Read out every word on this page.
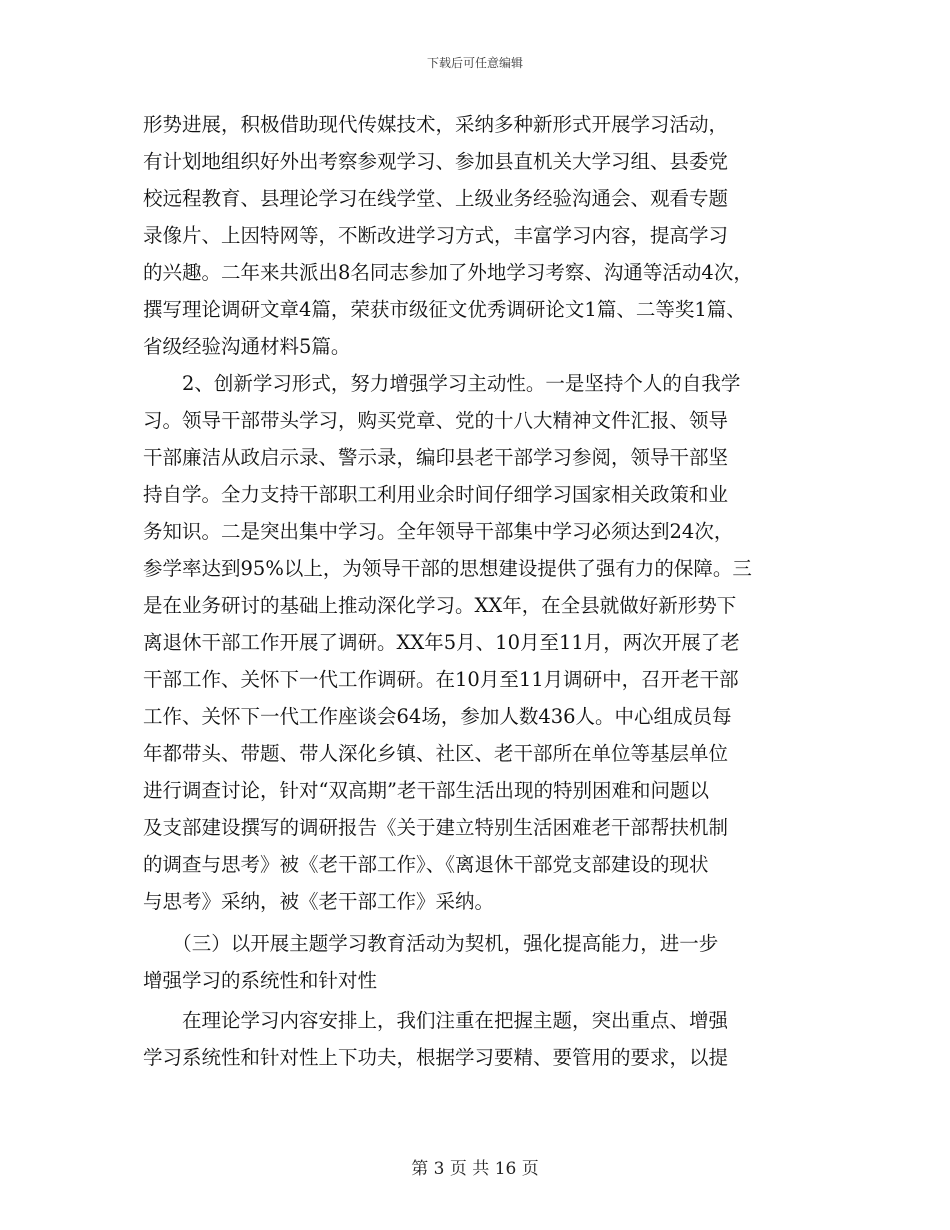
下载后可任意编辑
形势进展，积极借助现代传媒技术，采纳多种新形式开展学习活动，
有计划地组织好外出考察参观学习、参加县直机关大学习组、县委党
校远程教育、县理论学习在线学堂、上级业务经验沟通会、观看专题
录像片、上因特网等，不断改进学习方式，丰富学习内容，提高学习
的兴趣。二年来共派出8名同志参加了外地学习考察、沟通等活动4次，
撰写理论调研文章4篇，荣获市级征文优秀调研论文1篇、二等奖1篇、
省级经验沟通材料5篇。
　　2、创新学习形式，努力增强学习主动性。一是坚持个人的自我学
习。领导干部带头学习，购买党章、党的十八大精神文件汇报、领导
干部廉洁从政启示录、警示录，编印县老干部学习参阅，领导干部坚
持自学。全力支持干部职工利用业余时间仔细学习国家相关政策和业
务知识。二是突出集中学习。全年领导干部集中学习必须达到24次，
参学率达到95%以上，为领导干部的思想建设提供了强有力的保障。三
是在业务研讨的基础上推动深化学习。XX年，在全县就做好新形势下
离退休干部工作开展了调研。XX年5月、10月至11月，两次开展了老
干部工作、关怀下一代工作调研。在10月至11月调研中，召开老干部
工作、关怀下一代工作座谈会64场，参加人数436人。中心组成员每
年都带头、带题、带人深化乡镇、社区、老干部所在单位等基层单位
进行调查讨论，针对“双高期”老干部生活出现的特别困难和问题以
及支部建设撰写的调研报告《关于建立特别生活困难老干部帮扶机制
的调查与思考》被《老干部工作》、《离退休干部党支部建设的现状
与思考》采纳，被《老干部工作》采纳。
　　（三）以开展主题学习教育活动为契机，强化提高能力，进一步
增强学习的系统性和针对性
　　在理论学习内容安排上，我们注重在把握主题，突出重点、增强
学习系统性和针对性上下功夫，根据学习要精、要管用的要求，以提
第 3 页 共 16 页
